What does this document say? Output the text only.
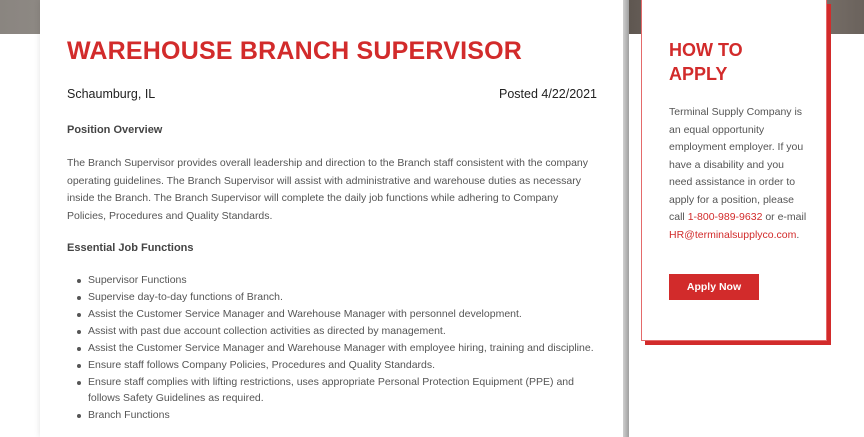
WAREHOUSE BRANCH SUPERVISOR
Schaumburg, IL	Posted 4/22/2021
Position Overview

The Branch Supervisor provides overall leadership and direction to the Branch staff consistent with the company operating guidelines. The Branch Supervisor will assist with administrative and warehouse duties as necessary inside the Branch. The Branch Supervisor will complete the daily job functions while adhering to Company Policies, Procedures and Quality Standards.

Essential Job Functions
Supervisor Functions
Supervise day-to-day functions of Branch.
Assist the Customer Service Manager and Warehouse Manager with personnel development.
Assist with past due account collection activities as directed by management.
Assist the Customer Service Manager and Warehouse Manager with employee hiring, training and discipline.
Ensure staff follows Company Policies, Procedures and Quality Standards.
Ensure staff complies with lifting restrictions, uses appropriate Personal Protection Equipment (PPE) and follows Safety Guidelines as required.
Branch Functions
HOW TO APPLY

Terminal Supply Company is an equal opportunity employment employer. If you have a disability and you need assistance in order to apply for a position, please call 1-800-989-9632 or e-mail HR@terminalsupplyco.com.

Apply Now
